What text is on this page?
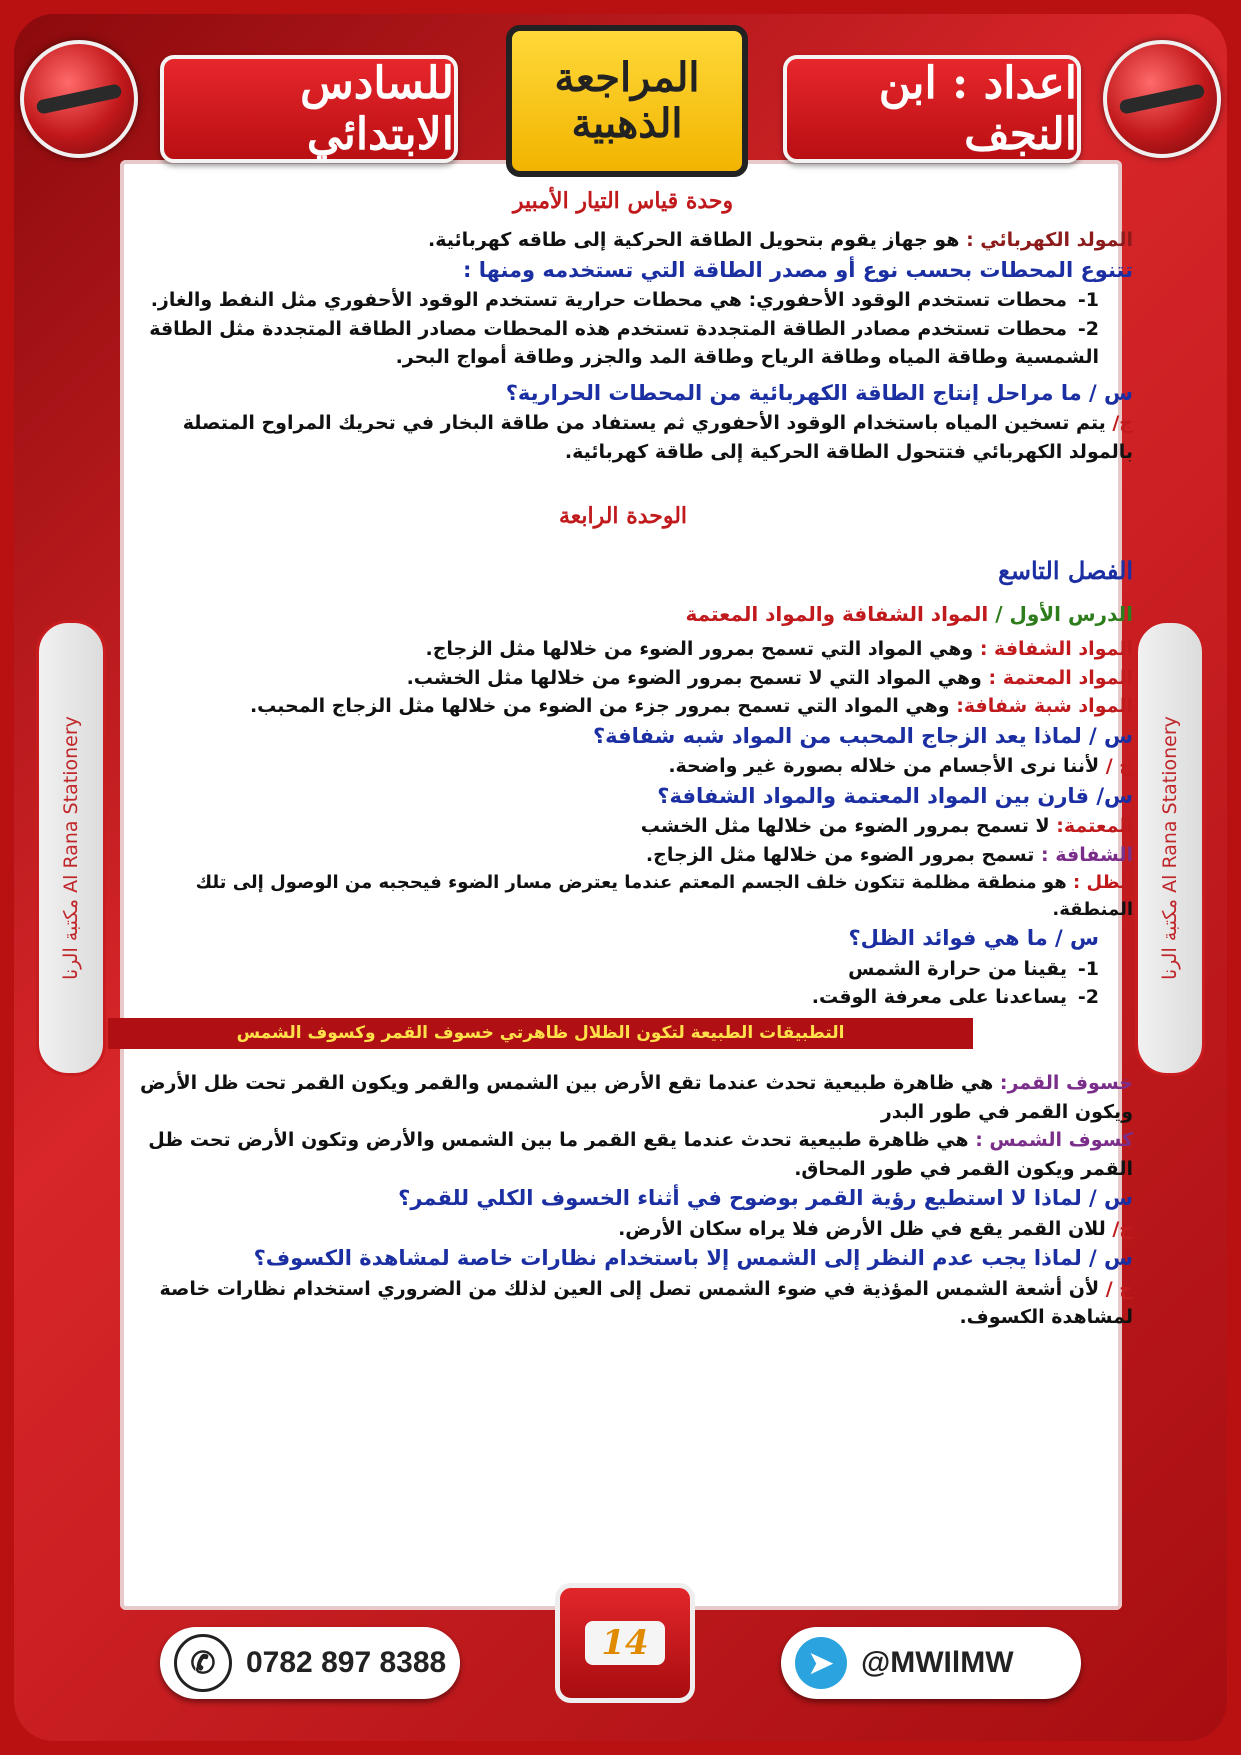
اعداد : ابن النجف
المراجعة
الذهبية
للسادس الابتدائي
Al Rana Stationery مكتبة الرنا
Al Rana Stationery مكتبة الرنا

وحدة قياس التيار الأمبير

المولد الكهربائي : هو جهاز يقوم بتحويل الطاقة الحركية إلى طاقه كهربائية.

تتنوع المحطات بحسب نوع أو مصدر الطاقة التي تستخدمه ومنها :

1-محطات تستخدم الوقود الأحفوري: هي محطات حرارية تستخدم الوقود الأحفوري مثل النفط والغاز.

2-محطات تستخدم مصادر الطاقة المتجددة تستخدم هذه المحطات مصادر الطاقة المتجددة مثل الطاقة الشمسية وطاقة المياه وطاقة الرياح وطاقة المد والجزر وطاقة أمواج البحر.

س / ما مراحل إنتاج الطاقة الكهربائية من المحطات الحرارية؟

ج/ يتم تسخين المياه باستخدام الوقود الأحفوري ثم يستفاد من طاقة البخار في تحريك المراوح المتصلة بالمولد الكهربائي فتتحول الطاقة الحركية إلى طاقة كهربائية.

الوحدة الرابعة

الفصل التاسع

الدرس الأول / المواد الشفافة والمواد المعتمة

المواد الشفافة : وهي المواد التي تسمح بمرور الضوء من خلالها مثل الزجاج.

المواد المعتمة : وهي المواد التي لا تسمح بمرور الضوء من خلالها مثل الخشب.

المواد شبة شفافة: وهي المواد التي تسمح بمرور جزء من الضوء من خلالها مثل الزجاج المحبب.

س / لماذا يعد الزجاج المحبب من المواد شبه شفافة؟

ج / لأننا نرى الأجسام من خلاله بصورة غير واضحة.

س/ قارن بين المواد المعتمة والمواد الشفافة؟

المعتمة: لا تسمح بمرور الضوء من خلالها مثل الخشب

الشفافة : تسمح بمرور الضوء من خلالها مثل الزجاج.

الظل : هو منطقة مظلمة تتكون خلف الجسم المعتم عندما يعترض مسار الضوء فيحجبه من الوصول إلى تلك المنطقة.

س / ما هي فوائد الظل؟

1-يقينا من حرارة الشمس

2-يساعدنا على معرفة الوقت.

التطبيقات الطبيعة لتكون الظلال ظاهرتي خسوف القمر وكسوف الشمس

خسوف القمر: هي ظاهرة طبيعية تحدث عندما تقع الأرض بين الشمس والقمر ويكون القمر تحت ظل الأرض ويكون القمر في طور البدر

كسوف الشمس : هي ظاهرة طبيعية تحدث عندما يقع القمر ما بين الشمس والأرض وتكون الأرض تحت ظل القمر ويكون القمر في طور المحاق.

س / لماذا لا استطيع رؤية القمر بوضوح في أثناء الخسوف الكلي للقمر؟

ج/ للان القمر يقع في ظل الأرض فلا يراه سكان الأرض.

س / لماذا يجب عدم النظر إلى الشمس إلا باستخدام نظارات خاصة لمشاهدة الكسوف؟

ج / لأن أشعة الشمس المؤذية في ضوء الشمس تصل إلى العين لذلك من الضروري استخدام نظارات خاصة لمشاهدة الكسوف.

➤ @MWIlMW
14
✆	0782 897 8388
